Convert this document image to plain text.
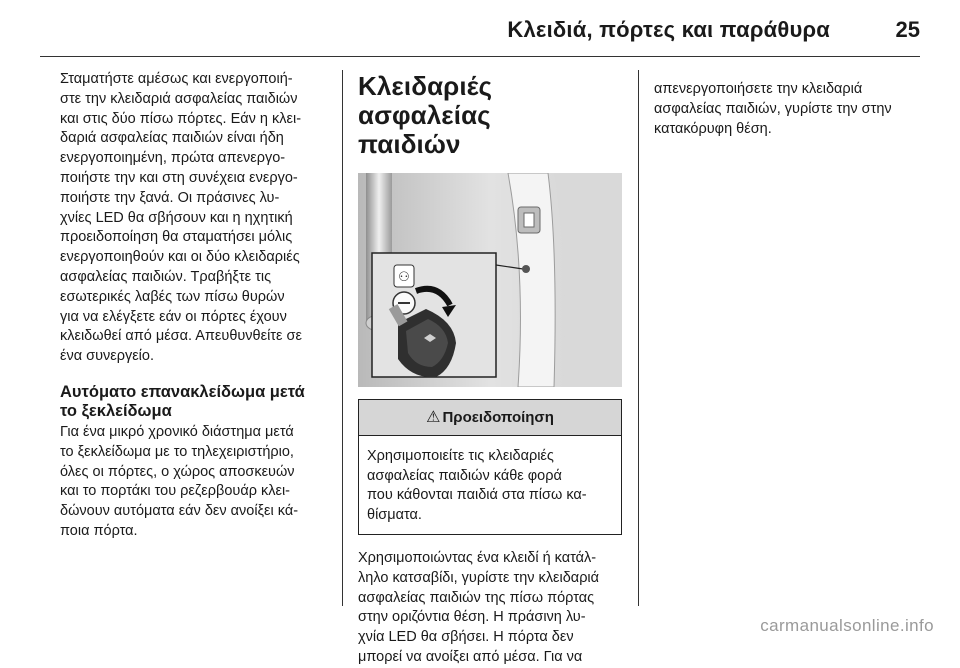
Κλειδιά, πόρτες και παράθυρα	25

Σταματήστε αμέσως και ενεργοποιή-
στε την κλειδαριά ασφαλείας παιδιών
και στις δύο πίσω πόρτες. Εάν η κλει-
δαριά ασφαλείας παιδιών είναι ήδη
ενεργοποιημένη, πρώτα απενεργο-
ποιήστε την και στη συνέχεια ενεργο-
ποιήστε την ξανά. Οι πράσινες λυ-
χνίες LED θα σβήσουν και η ηχητική
προειδοποίηση θα σταματήσει μόλις
ενεργοποιηθούν και οι δύο κλειδαριές
ασφαλείας παιδιών. Τραβήξτε τις
εσωτερικές λαβές των πίσω θυρών
για να ελέγξετε εάν οι πόρτες έχουν
κλειδωθεί από μέσα. Απευθυνθείτε σε
ένα συνεργείο.

Αυτόματο επανακλείδωμα μετά
το ξεκλείδωμα

Για ένα μικρό χρονικό διάστημα μετά
το ξεκλείδωμα με το τηλεχειριστήριο,
όλες οι πόρτες, ο χώρος αποσκευών
και το πορτάκι του ρεζερβουάρ κλει-
δώνουν αυτόματα εάν δεν ανοίξει κά-
ποια πόρτα.

Κλειδαριές ασφαλείας
παιδιών
⚇
⚠ Προειδοποίηση
Χρησιμοποιείτε τις κλειδαριές
ασφαλείας παιδιών κάθε φορά
που κάθονται παιδιά στα πίσω κα-
θίσματα.

Χρησιμοποιώντας ένα κλειδί ή κατάλ-
ληλο κατσαβίδι, γυρίστε την κλειδαριά
ασφαλείας παιδιών της πίσω πόρτας
στην οριζόντια θέση. Η πράσινη λυ-
χνία LED θα σβήσει. Η πόρτα δεν
μπορεί να ανοίξει από μέσα. Για να

απενεργοποιήσετε την κλειδαριά
ασφαλείας παιδιών, γυρίστε την στην
κατακόρυφη θέση.

carmanualsonline.info
